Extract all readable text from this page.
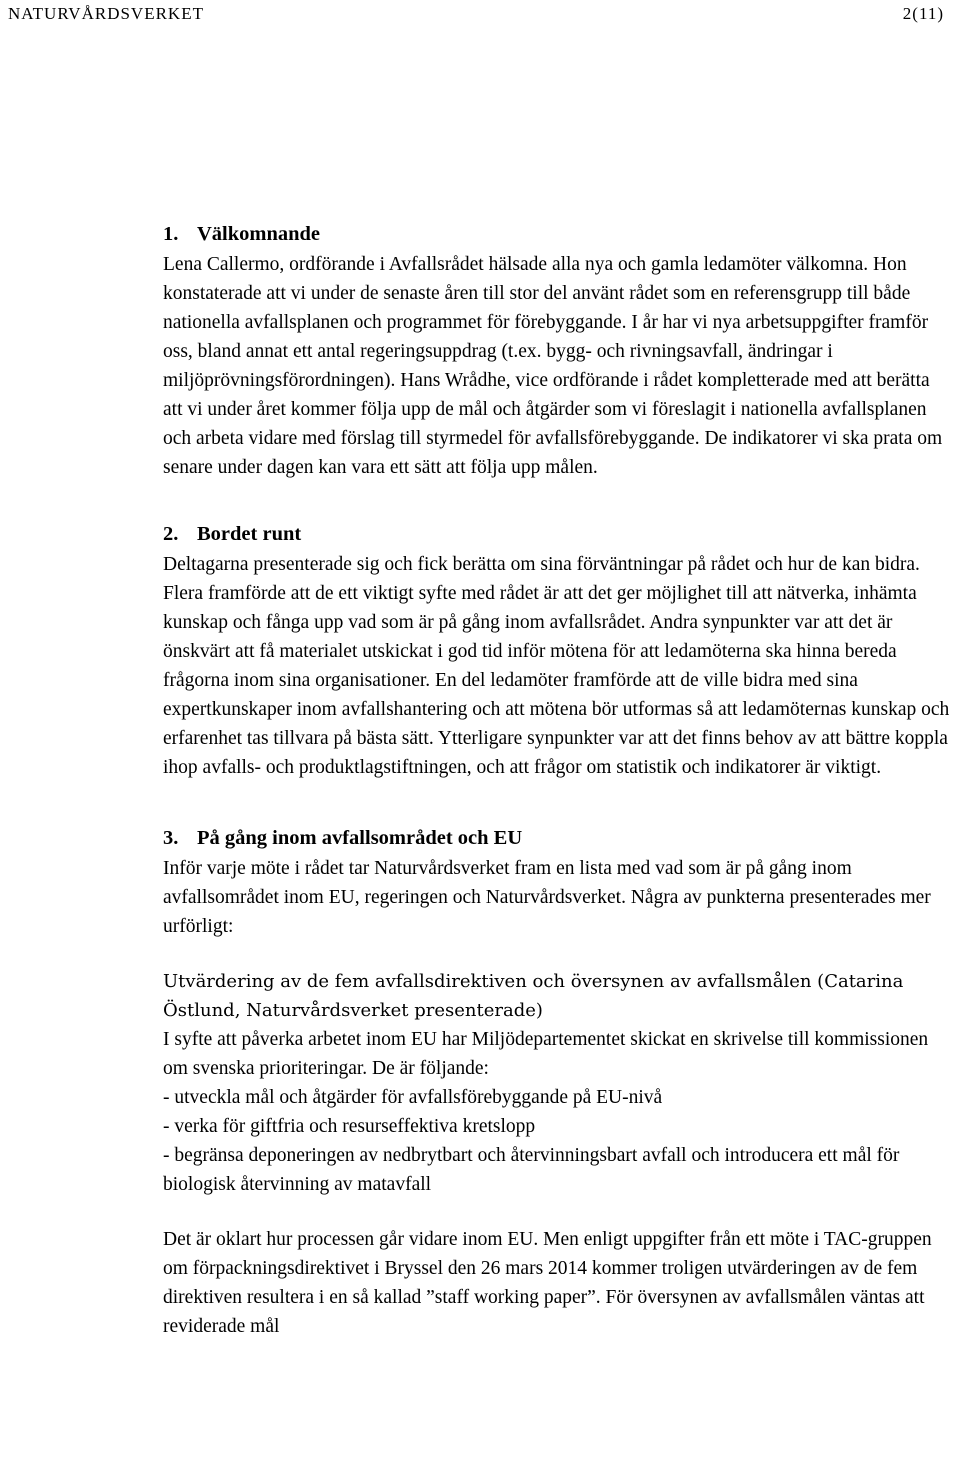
NATURVÅRDSVERKET	2(11)
1. Välkomnande

Lena Callermo, ordförande i Avfallsrådet hälsade alla nya och gamla ledamöter välkomna. Hon konstaterade att vi under de senaste åren till stor del använt rådet som en referensgrupp till både nationella avfallsplanen och programmet för förebyggande. I år har vi nya arbetsuppgifter framför oss, bland annat ett antal regeringsuppdrag (t.ex. bygg- och rivningsavfall, ändringar i miljöprövningsförordningen). Hans Wrådhe, vice ordförande i rådet kompletterade med att berätta att vi under året kommer följa upp de mål och åtgärder som vi föreslagit i nationella avfallsplanen och arbeta vidare med förslag till styrmedel för avfallsförebyggande. De indikatorer vi ska prata om senare under dagen kan vara ett sätt att följa upp målen.

2. Bordet runt

Deltagarna presenterade sig och fick berätta om sina förväntningar på rådet och hur de kan bidra. Flera framförde att de ett viktigt syfte med rådet är att det ger möjlighet till att nätverka, inhämta kunskap och fånga upp vad som är på gång inom avfallsrådet. Andra synpunkter var att det är önskvärt att få materialet utskickat i god tid inför mötena för att ledamöterna ska hinna bereda frågorna inom sina organisationer. En del ledamöter framförde att de ville bidra med sina expertkunskaper inom avfallshantering och att mötena bör utformas så att ledamöternas kunskap och erfarenhet tas tillvara på bästa sätt. Ytterligare synpunkter var att det finns behov av att bättre koppla ihop avfalls- och produktlagstiftningen, och att frågor om statistik och indikatorer är viktigt.

3. På gång inom avfallsområdet och EU

Inför varje möte i rådet tar Naturvårdsverket fram en lista med vad som är på gång inom avfallsområdet inom EU, regeringen och Naturvårdsverket. Några av punkterna presenterades mer urförligt:

Utvärdering av de fem avfallsdirektiven och översynen av avfallsmålen (Catarina Östlund, Naturvårdsverket presenterade)

I syfte att påverka arbetet inom EU har Miljödepartementet skickat en skrivelse till kommissionen om svenska prioriteringar. De är följande:

- utveckla mål och åtgärder för avfallsförebyggande på EU-nivå

- verka för giftfria och resurseffektiva kretslopp

- begränsa deponeringen av nedbrytbart och återvinningsbart avfall och introducera ett mål för biologisk återvinning av matavfall

Det är oklart hur processen går vidare inom EU. Men enligt uppgifter från ett möte i TAC-gruppen om förpackningsdirektivet i Bryssel den 26 mars 2014 kommer troligen utvärderingen av de fem direktiven resultera i en så kallad ”staff working paper”. För översynen av avfallsmålen väntas att reviderade mål
